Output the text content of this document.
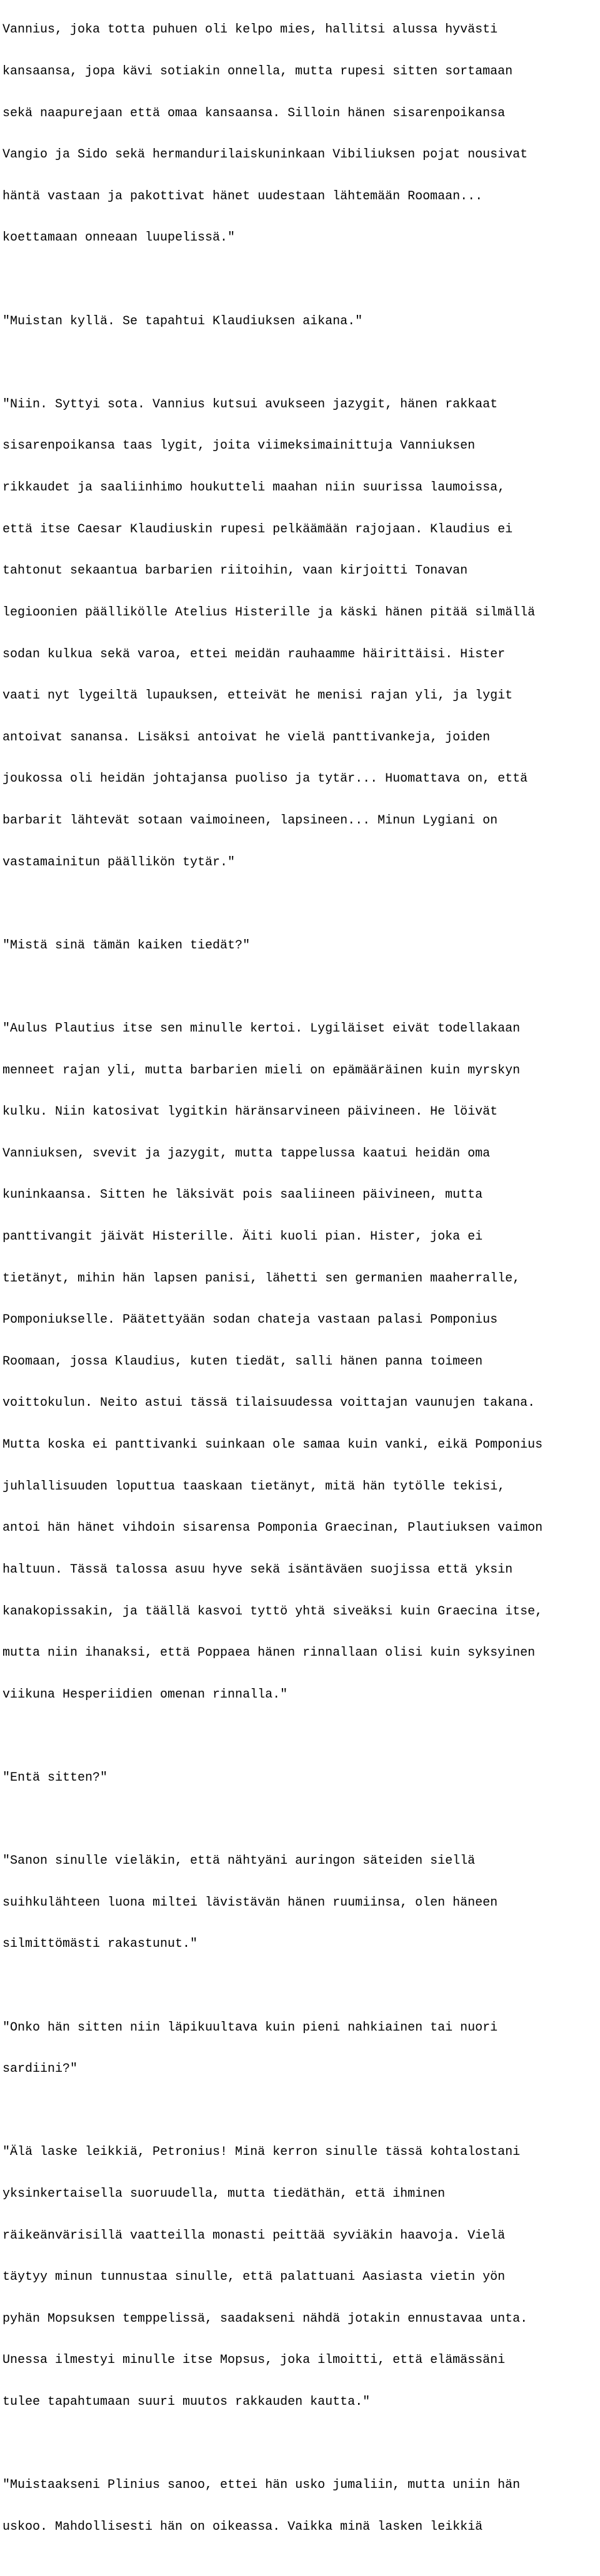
Vannius, joka totta puhuen oli kelpo mies, hallitsi alussa hyvästi

kansaansa, jopa kävi sotiakin onnella, mutta rupesi sitten sortamaan

sekä naapurejaan että omaa kansaansa. Silloin hänen sisarenpoikansa

Vangio ja Sido sekä hermandurilaiskuninkaan Vibiliuksen pojat nousivat

häntä vastaan ja pakottivat hänet uudestaan lähtemään Roomaan...

koettamaan onneaan luupelissä."

"Muistan kyllä. Se tapahtui Klaudiuksen aikana."

"Niin. Syttyi sota. Vannius kutsui avukseen jazygit, hänen rakkaat

sisarenpoikansa taas lygit, joita viimeksimainittuja Vanniuksen

rikkaudet ja saaliinhimo houkutteli maahan niin suurissa laumoissa,

että itse Caesar Klaudiuskin rupesi pelkäämään rajojaan. Klaudius ei

tahtonut sekaantua barbarien riitoihin, vaan kirjoitti Tonavan

legioonien päällikölle Atelius Histerille ja käski hänen pitää silmällä

sodan kulkua sekä varoa, ettei meidän rauhaamme häirittäisi. Hister

vaati nyt lygeiltä lupauksen, etteivät he menisi rajan yli, ja lygit

antoivat sanansa. Lisäksi antoivat he vielä panttivankeja, joiden

joukossa oli heidän johtajansa puoliso ja tytär... Huomattava on, että

barbarit lähtevät sotaan vaimoineen, lapsineen... Minun Lygiani on

vastamainitun päällikön tytär."

"Mistä sinä tämän kaiken tiedät?"

"Aulus Plautius itse sen minulle kertoi. Lygiläiset eivät todellakaan

menneet rajan yli, mutta barbarien mieli on epämääräinen kuin myrskyn

kulku. Niin katosivat lygitkin häränsarvineen päivineen. He löivät

Vanniuksen, svevit ja jazygit, mutta tappelussa kaatui heidän oma

kuninkaansa. Sitten he läksivät pois saaliineen päivineen, mutta

panttivangit jäivät Histerille. Äiti kuoli pian. Hister, joka ei

tietänyt, mihin hän lapsen panisi, lähetti sen germanien maaherralle,

Pomponiukselle. Päätettyään sodan chateja vastaan palasi Pomponius

Roomaan, jossa Klaudius, kuten tiedät, salli hänen panna toimeen

voittokulun. Neito astui tässä tilaisuudessa voittajan vaunujen takana.

Mutta koska ei panttivanki suinkaan ole samaa kuin vanki, eikä Pomponius

juhlallisuuden loputtua taaskaan tietänyt, mitä hän tytölle tekisi,

antoi hän hänet vihdoin sisarensa Pomponia Graecinan, Plautiuksen vaimon

haltuun. Tässä talossa asuu hyve sekä isäntäväen suojissa että yksin

kanakopissakin, ja täällä kasvoi tyttö yhtä siveäksi kuin Graecina itse,

mutta niin ihanaksi, että Poppaea hänen rinnallaan olisi kuin syksyinen

viikuna Hesperiidien omenan rinnalla."

"Entä sitten?"

"Sanon sinulle vieläkin, että nähtyäni auringon säteiden siellä

suihkulähteen luona miltei lävistävän hänen ruumiinsa, olen häneen

silmittömästi rakastunut."

"Onko hän sitten niin läpikuultava kuin pieni nahkiainen tai nuori

sardiini?"

"Älä laske leikkiä, Petronius! Minä kerron sinulle tässä kohtalostani

yksinkertaisella suoruudella, mutta tiedäthän, että ihminen

räikeänvärisillä vaatteilla monasti peittää syviäkin haavoja. Vielä

täytyy minun tunnustaa sinulle, että palattuani Aasiasta vietin yön

pyhän Mopsuksen temppelissä, saadakseni nähdä jotakin ennustavaa unta.

Unessa ilmestyi minulle itse Mopsus, joka ilmoitti, että elämässäni

tulee tapahtumaan suuri muutos rakkauden kautta."

"Muistaakseni Plinius sanoo, ettei hän usko jumaliin, mutta uniin hän

uskoo. Mahdollisesti hän on oikeassa. Vaikka minä lasken leikkiä
